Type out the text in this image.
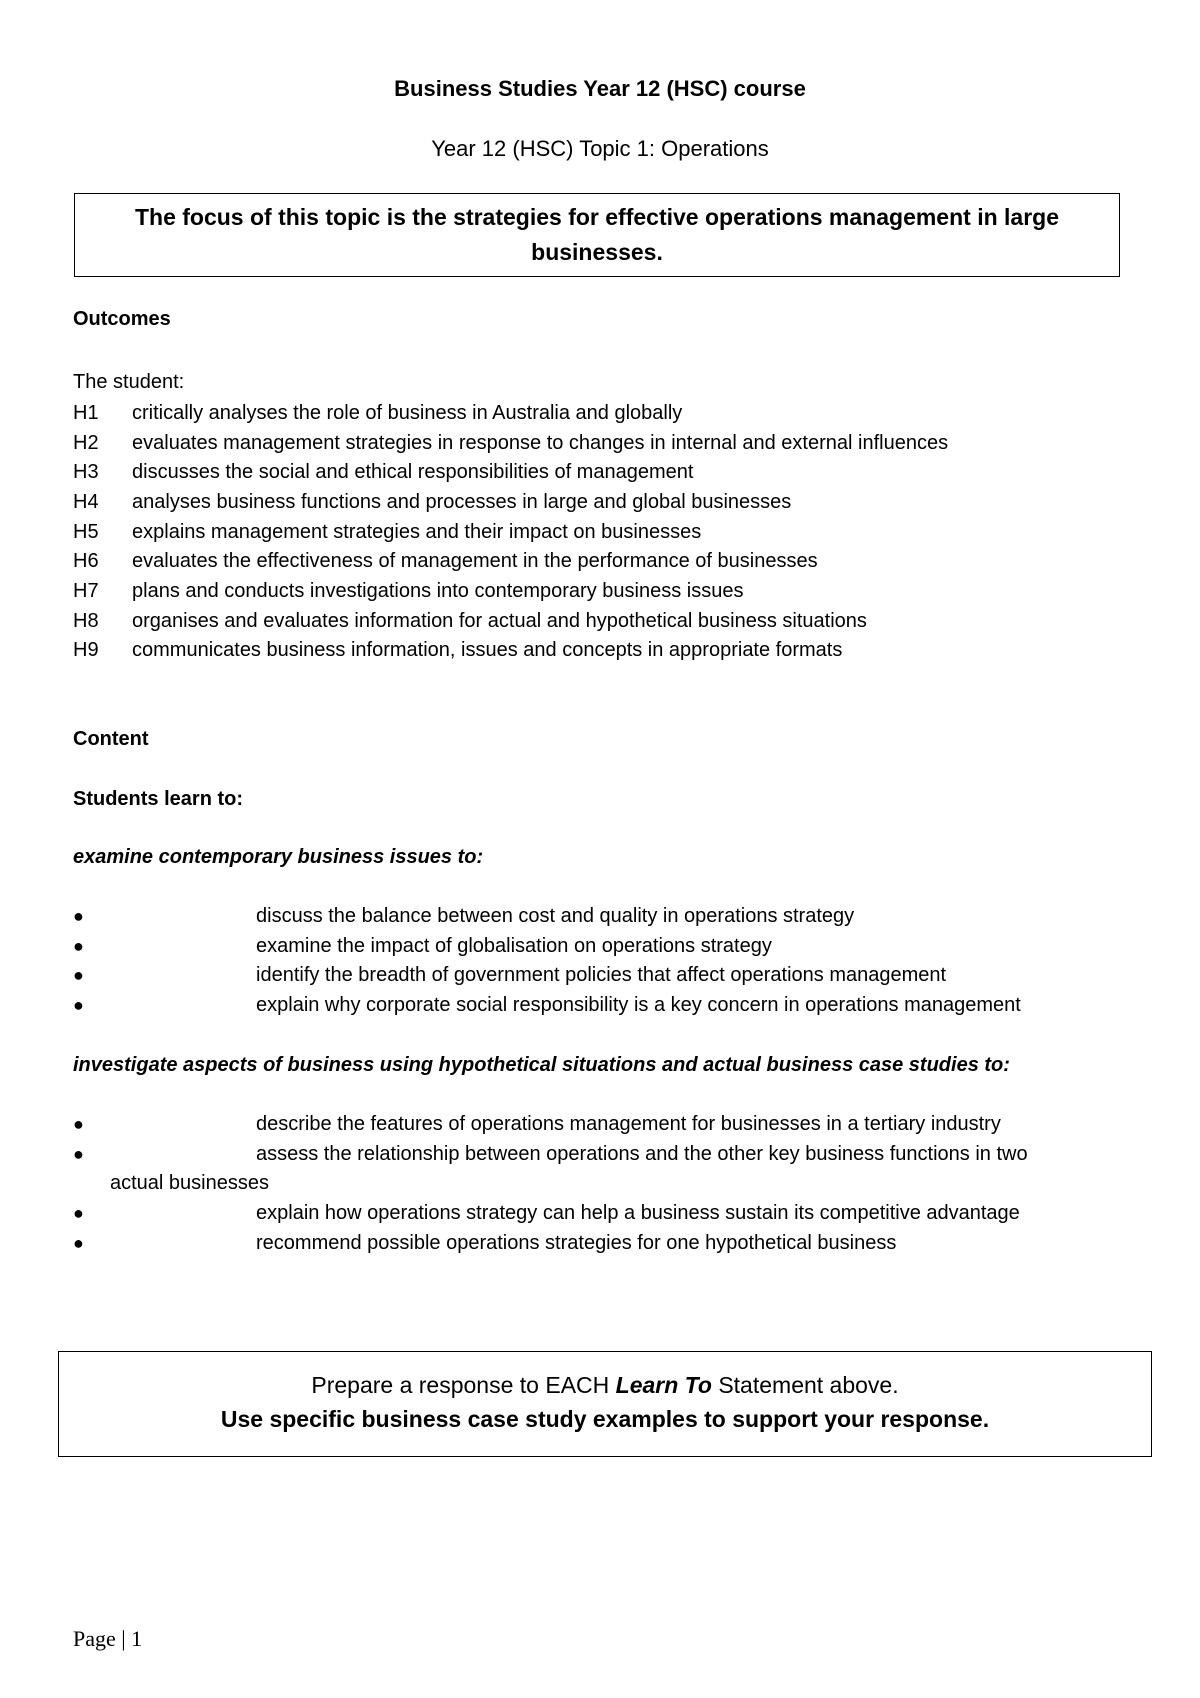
Business Studies Year 12 (HSC) course
Year 12 (HSC) Topic 1: Operations
The focus of this topic is the strategies for effective operations management in large businesses.
Outcomes
The student:
H1	critically analyses the role of business in Australia and globally
H2	evaluates management strategies in response to changes in internal and external influences
H3	discusses the social and ethical responsibilities of management
H4	analyses business functions and processes in large and global businesses
H5	explains management strategies and their impact on businesses
H6	evaluates the effectiveness of management in the performance of businesses
H7	plans and conducts investigations into contemporary business issues
H8	organises and evaluates information for actual and hypothetical business situations
H9	communicates business information, issues and concepts in appropriate formats
Content
Students learn to:
examine contemporary business issues to:
●	discuss the balance between cost and quality in operations strategy
●	examine the impact of globalisation on operations strategy
●	identify the breadth of government policies that affect operations management
●	explain why corporate social responsibility is a key concern in operations management
investigate aspects of business using hypothetical situations and actual business case studies to:
●	describe the features of operations management for businesses in a tertiary industry
●	assess the relationship between operations and the other key business functions in two
actual businesses
●	explain how operations strategy can help a business sustain its competitive advantage
●	recommend possible operations strategies for one hypothetical business
Prepare a response to EACH Learn To Statement above.
Use specific business case study examples to support your response.
Page | 1
